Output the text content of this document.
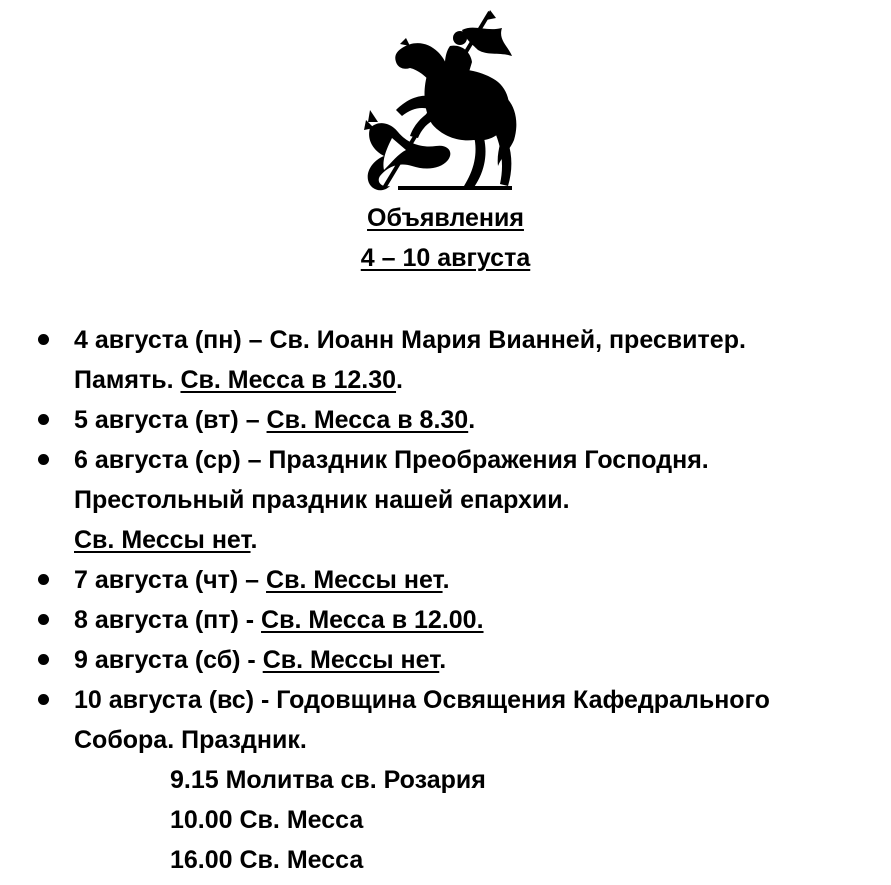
Объявления
4 – 10 августа
4 августа (пн) – Св. Иоанн Мария Вианней, пресвитер.
Память. Св. Месса в 12.30.
5 августа (вт) – Св. Месса в 8.30.
6 августа (ср) – Праздник Преображения Господня.
Престольный праздник нашей епархии.
Св. Мессы нет.
7 августа (чт) – Св. Мессы нет.
8 августа (пт) - Св. Месса в 12.00.
9 августа (сб) - Св. Мессы нет.
10 августа (вс) - Годовщина Освящения Кафедрального
Собора. Праздник.
9.15 Молитва св. Розария
10.00 Св. Месса
16.00 Св. Месса
